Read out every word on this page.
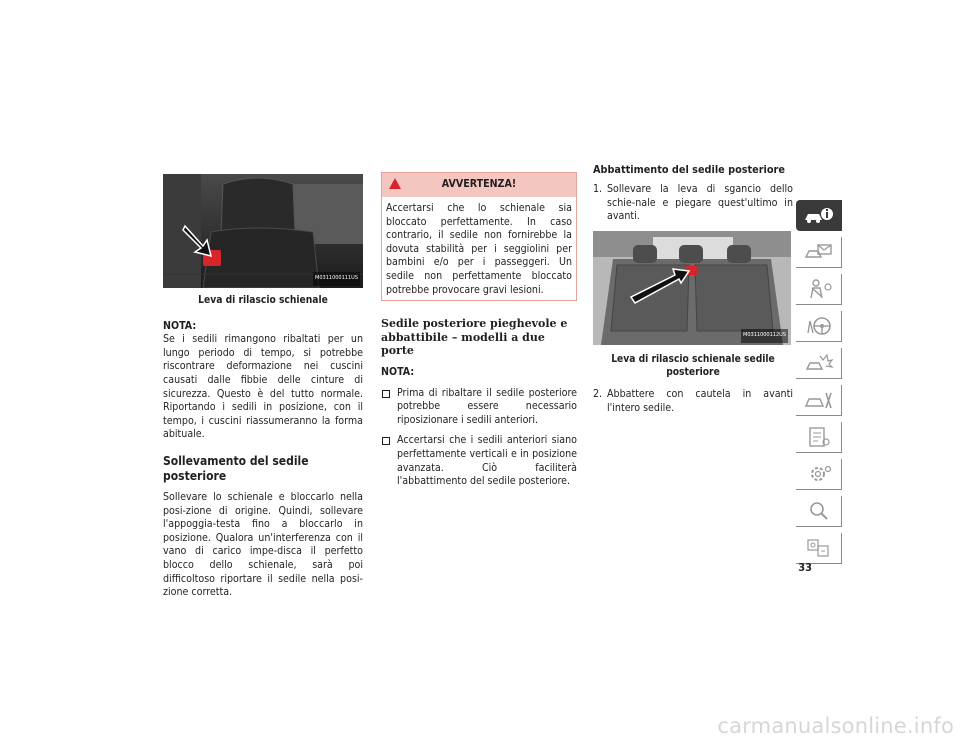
M0311000111US

Leva di rilascio schienale

NOTA:

Se i sedili rimangono ribaltati per un lungo periodo di tempo, si potrebbe riscontrare deformazione nei cuscini causati dalle fibbie delle cinture di sicurezza. Questo è del tutto normale. Riportando i sedili in posizione, con il tempo, i cuscini riassumeranno la forma abituale.

Sollevamento del sedile posteriore

Sollevare lo schienale e bloccarlo nella posi-zione di origine. Quindi, sollevare l'appoggia-testa fino a bloccarlo in posizione. Qualora un'interferenza con il vano di carico impe-disca il perfetto blocco dello schienale, sarà poi difficoltoso riportare il sedile nella posi-zione corretta.

AVVERTENZA!
Accertarsi che lo schienale sia bloccato perfettamente. In caso contrario, il sedile non fornirebbe la dovuta stabilità per i seggiolini per bambini e/o per i passeggeri. Un sedile non perfettamente bloccato potrebbe provocare gravi lesioni.
Sedile posteriore pieghevole e abbattibile – modelli a due porte

NOTA:

Prima di ribaltare il sedile posteriore potrebbe essere necessario riposizionare i sedili anteriori.
Accertarsi che i sedili anteriori siano perfettamente verticali e in posizione avanzata. Ciò faciliterà l'abbattimento del sedile posteriore.
Abbattimento del sedile posteriore
1. Sollevare la leva di sgancio dello schie-nale e piegare quest'ultimo in avanti.
M0311000112US

Leva di rilascio schienale sedile posteriore

2. Abbattere con cautela in avanti l'intero sedile.
33
carmanualsonline.info
